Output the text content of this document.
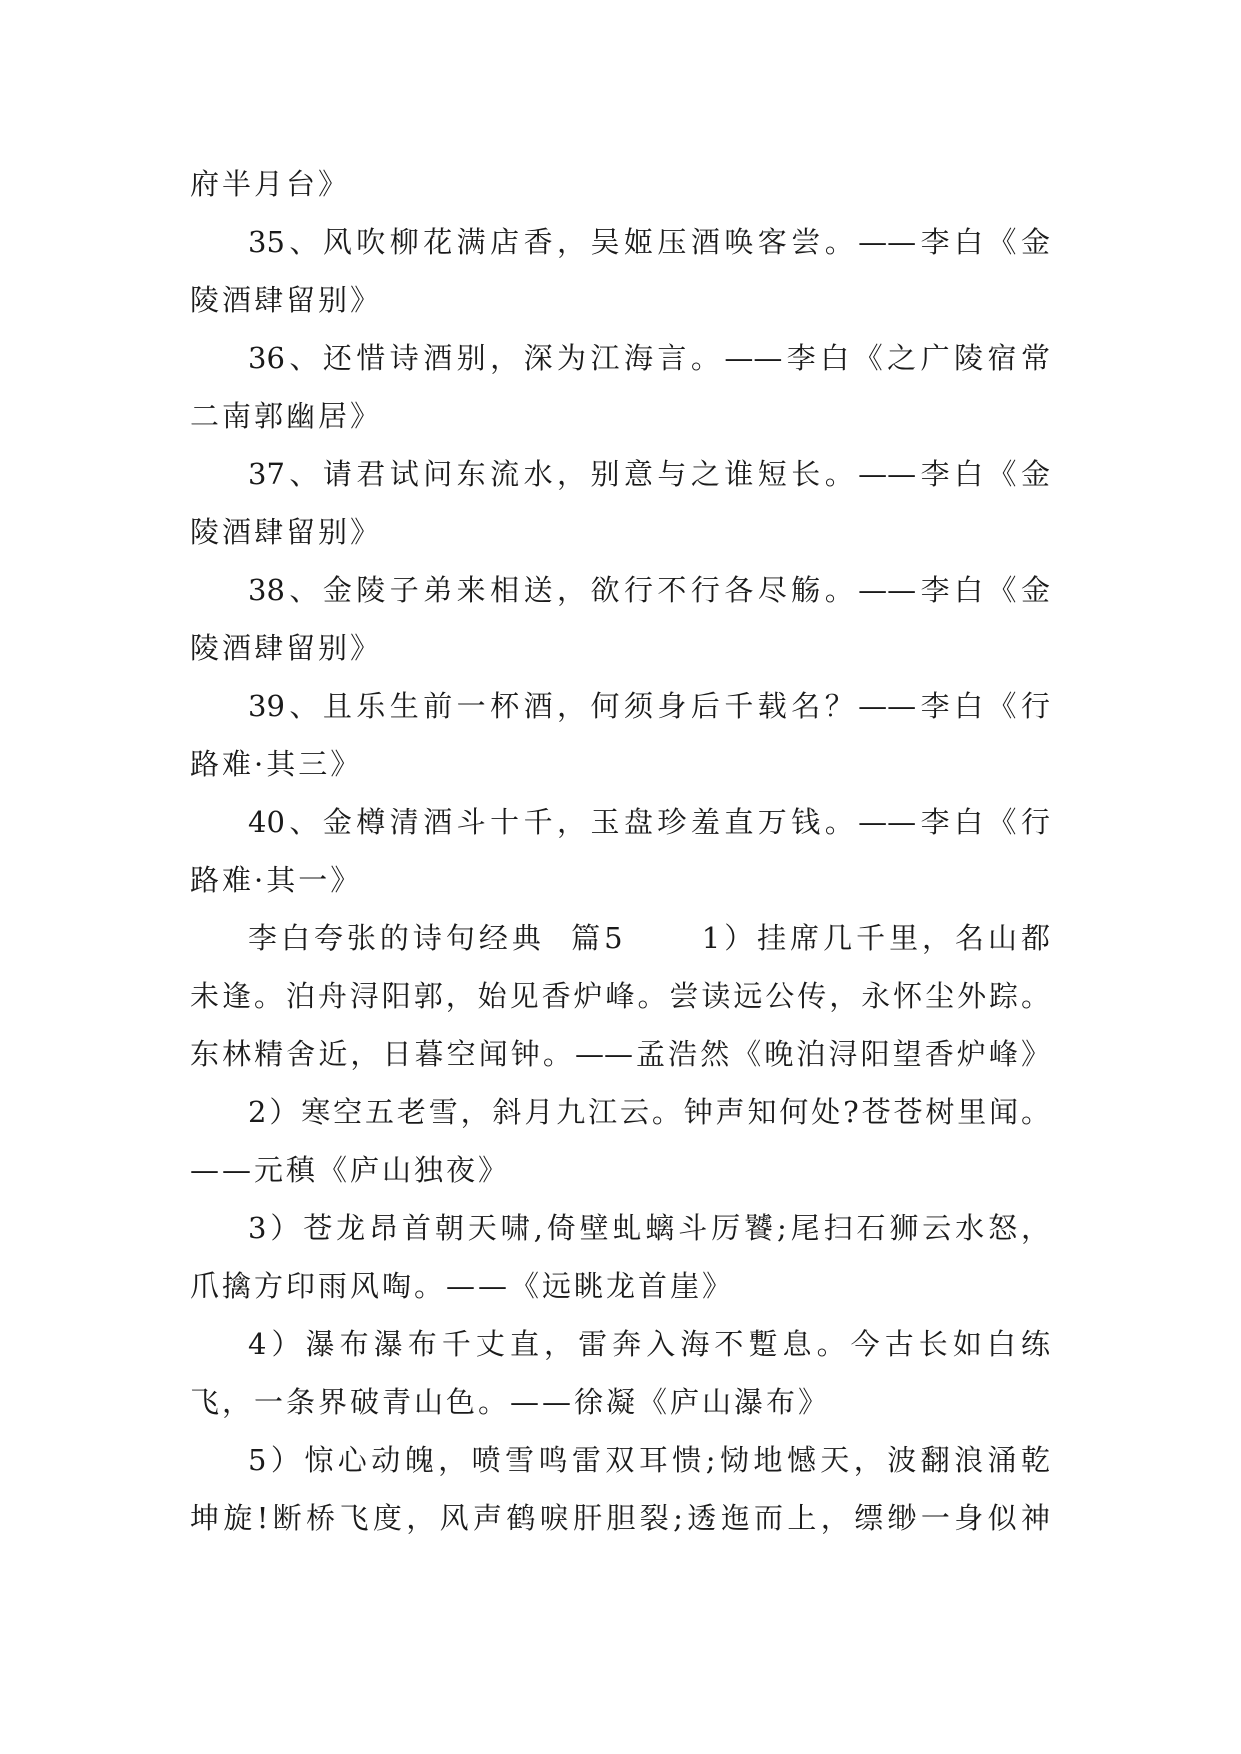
府半月台》
35、风吹柳花满店香，吴姬压酒唤客尝。——李白《金
陵酒肆留别》
36、还惜诗酒别，深为江海言。——李白《之广陵宿常
二南郭幽居》
37、请君试问东流水，别意与之谁短长。——李白《金
陵酒肆留别》
38、金陵子弟来相送，欲行不行各尽觞。——李白《金
陵酒肆留别》
39、且乐生前一杯酒，何须身后千载名？——李白《行
路难·其三》
40、金樽清酒斗十千，玉盘珍羞直万钱。——李白《行
路难·其一》
李白夸张的诗句经典  篇5      1）挂席几千里，名山都
未逢。泊舟浔阳郭，始见香炉峰。尝读远公传，永怀尘外踪。
东林精舍近，日暮空闻钟。——孟浩然《晚泊浔阳望香炉峰》
2）寒空五老雪，斜月九江云。钟声知何处?苍苍树里闻。
——元稹《庐山独夜》
3）苍龙昂首朝天啸,倚壁虬螭斗厉饕;尾扫石狮云水怒，
爪擒方印雨风啕。——《远眺龙首崖》
4）瀑布瀑布千丈直，雷奔入海不蹔息。今古长如白练
飞，一条界破青山色。——徐凝《庐山瀑布》
5）惊心动魄，喷雪鸣雷双耳愦;恸地憾天，波翻浪涌乾
坤旋!断桥飞度，风声鹤唳肝胆裂;透迤而上，缥缈一身似神
